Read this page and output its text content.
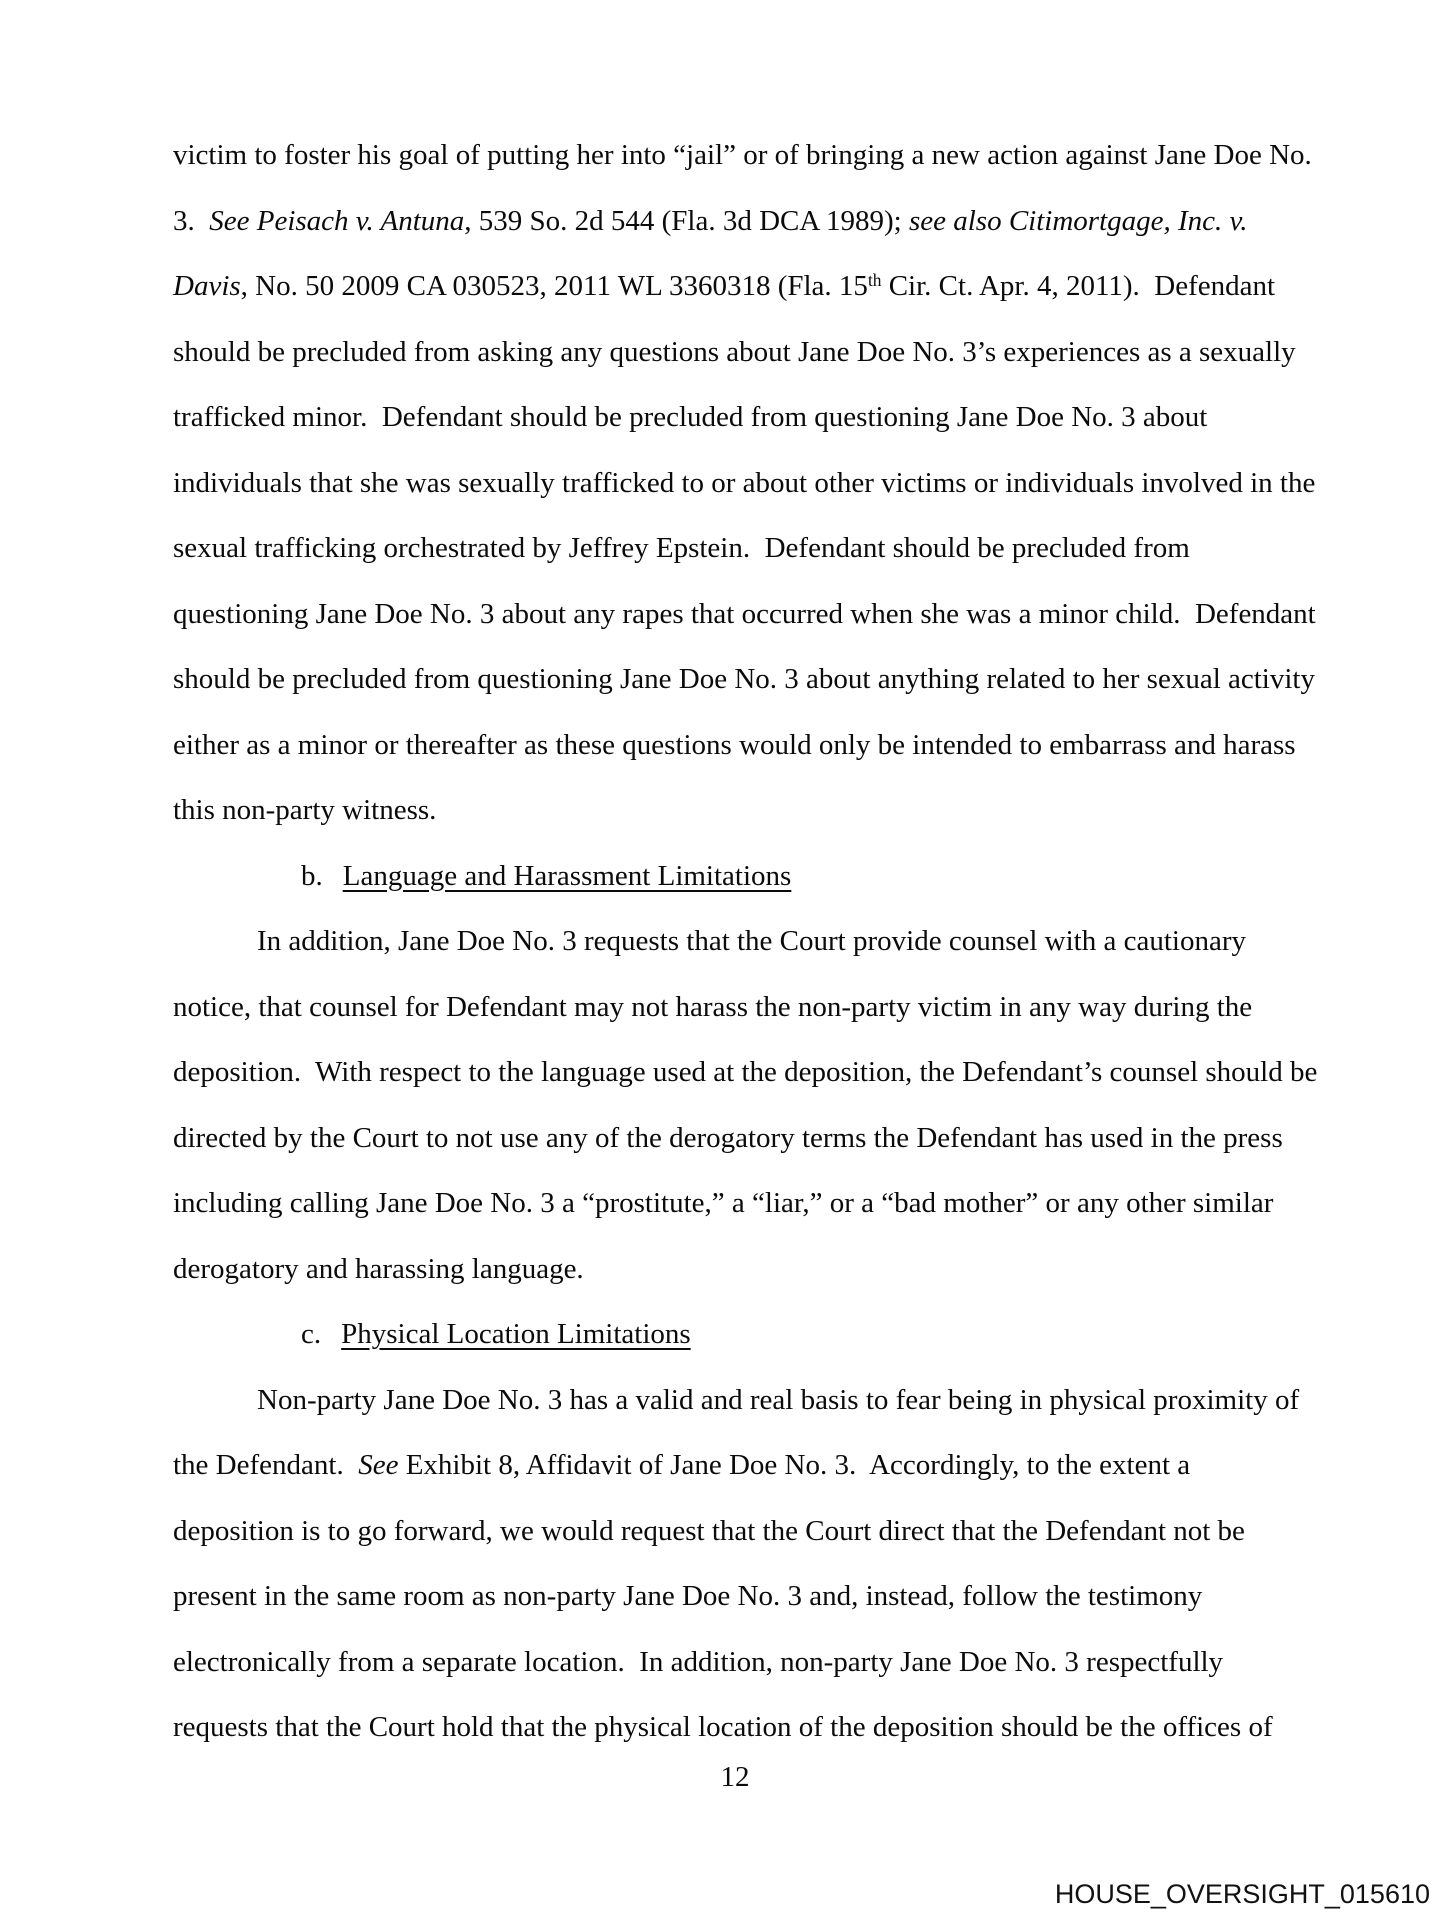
victim to foster his goal of putting her into “jail” or of bringing a new action against Jane Doe No.
3.  See Peisach v. Antuna, 539 So. 2d 544 (Fla. 3d DCA 1989); see also Citimortgage, Inc. v.
Davis, No. 50 2009 CA 030523, 2011 WL 3360318 (Fla. 15th Cir. Ct. Apr. 4, 2011).  Defendant
should be precluded from asking any questions about Jane Doe No. 3’s experiences as a sexually
trafficked minor.  Defendant should be precluded from questioning Jane Doe No. 3 about
individuals that she was sexually trafficked to or about other victims or individuals involved in the
sexual trafficking orchestrated by Jeffrey Epstein.  Defendant should be precluded from
questioning Jane Doe No. 3 about any rapes that occurred when she was a minor child.  Defendant
should be precluded from questioning Jane Doe No. 3 about anything related to her sexual activity
either as a minor or thereafter as these questions would only be intended to embarrass and harass
this non-party witness.
b. Language and Harassment Limitations
In addition, Jane Doe No. 3 requests that the Court provide counsel with a cautionary
notice, that counsel for Defendant may not harass the non-party victim in any way during the
deposition.  With respect to the language used at the deposition, the Defendant’s counsel should be
directed by the Court to not use any of the derogatory terms the Defendant has used in the press
including calling Jane Doe No. 3 a “prostitute,” a “liar,” or a “bad mother” or any other similar
derogatory and harassing language.
c. Physical Location Limitations
Non-party Jane Doe No. 3 has a valid and real basis to fear being in physical proximity of
the Defendant.  See Exhibit 8, Affidavit of Jane Doe No. 3.  Accordingly, to the extent a
deposition is to go forward, we would request that the Court direct that the Defendant not be
present in the same room as non-party Jane Doe No. 3 and, instead, follow the testimony
electronically from a separate location.  In addition, non-party Jane Doe No. 3 respectfully
requests that the Court hold that the physical location of the deposition should be the offices of
12
HOUSE_OVERSIGHT_015610
